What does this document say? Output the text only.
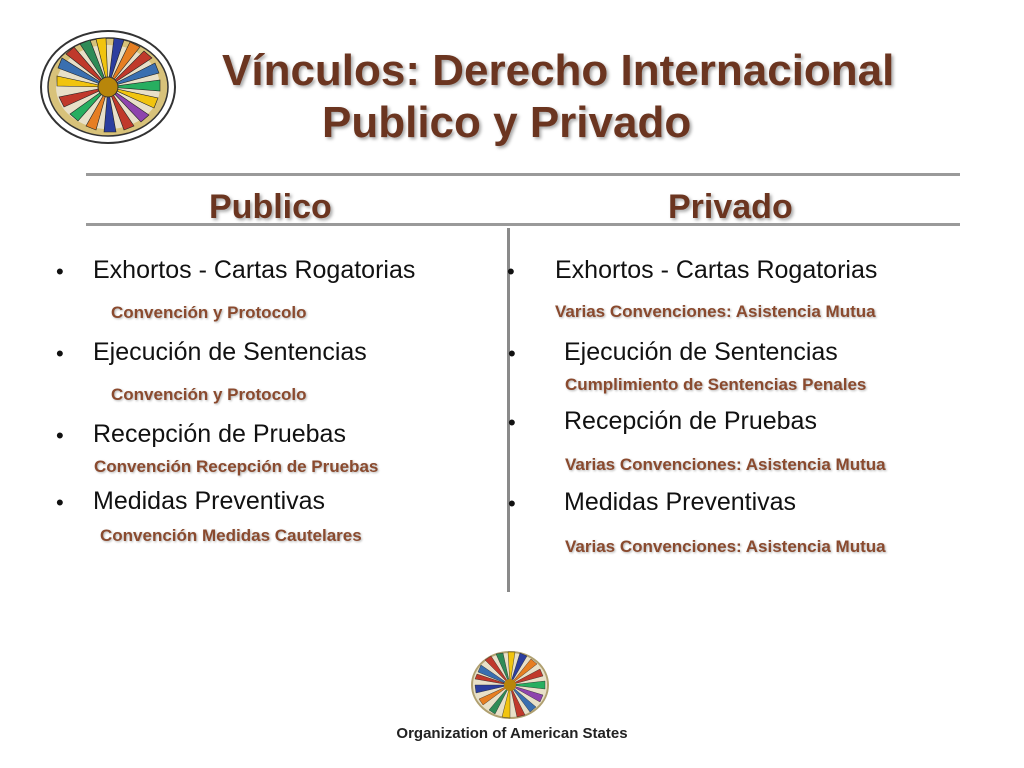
Vínculos: Derecho Internacional
Publico y Privado
Publico	Privado
• Exhortos - Cartas Rogatorias
Convención y Protocolo
• Ejecución de Sentencias
Convención y Protocolo
• Recepción de Pruebas
Convención Recepción de Pruebas
• Medidas Preventivas
Convención Medidas Cautelares
• Exhortos - Cartas Rogatorias
Varias Convenciones: Asistencia Mutua
• Ejecución de Sentencias
Cumplimiento de Sentencias Penales
• Recepción de Pruebas
Varias Convenciones: Asistencia Mutua
• Medidas Preventivas
Varias Convenciones: Asistencia Mutua
Organization of American States
